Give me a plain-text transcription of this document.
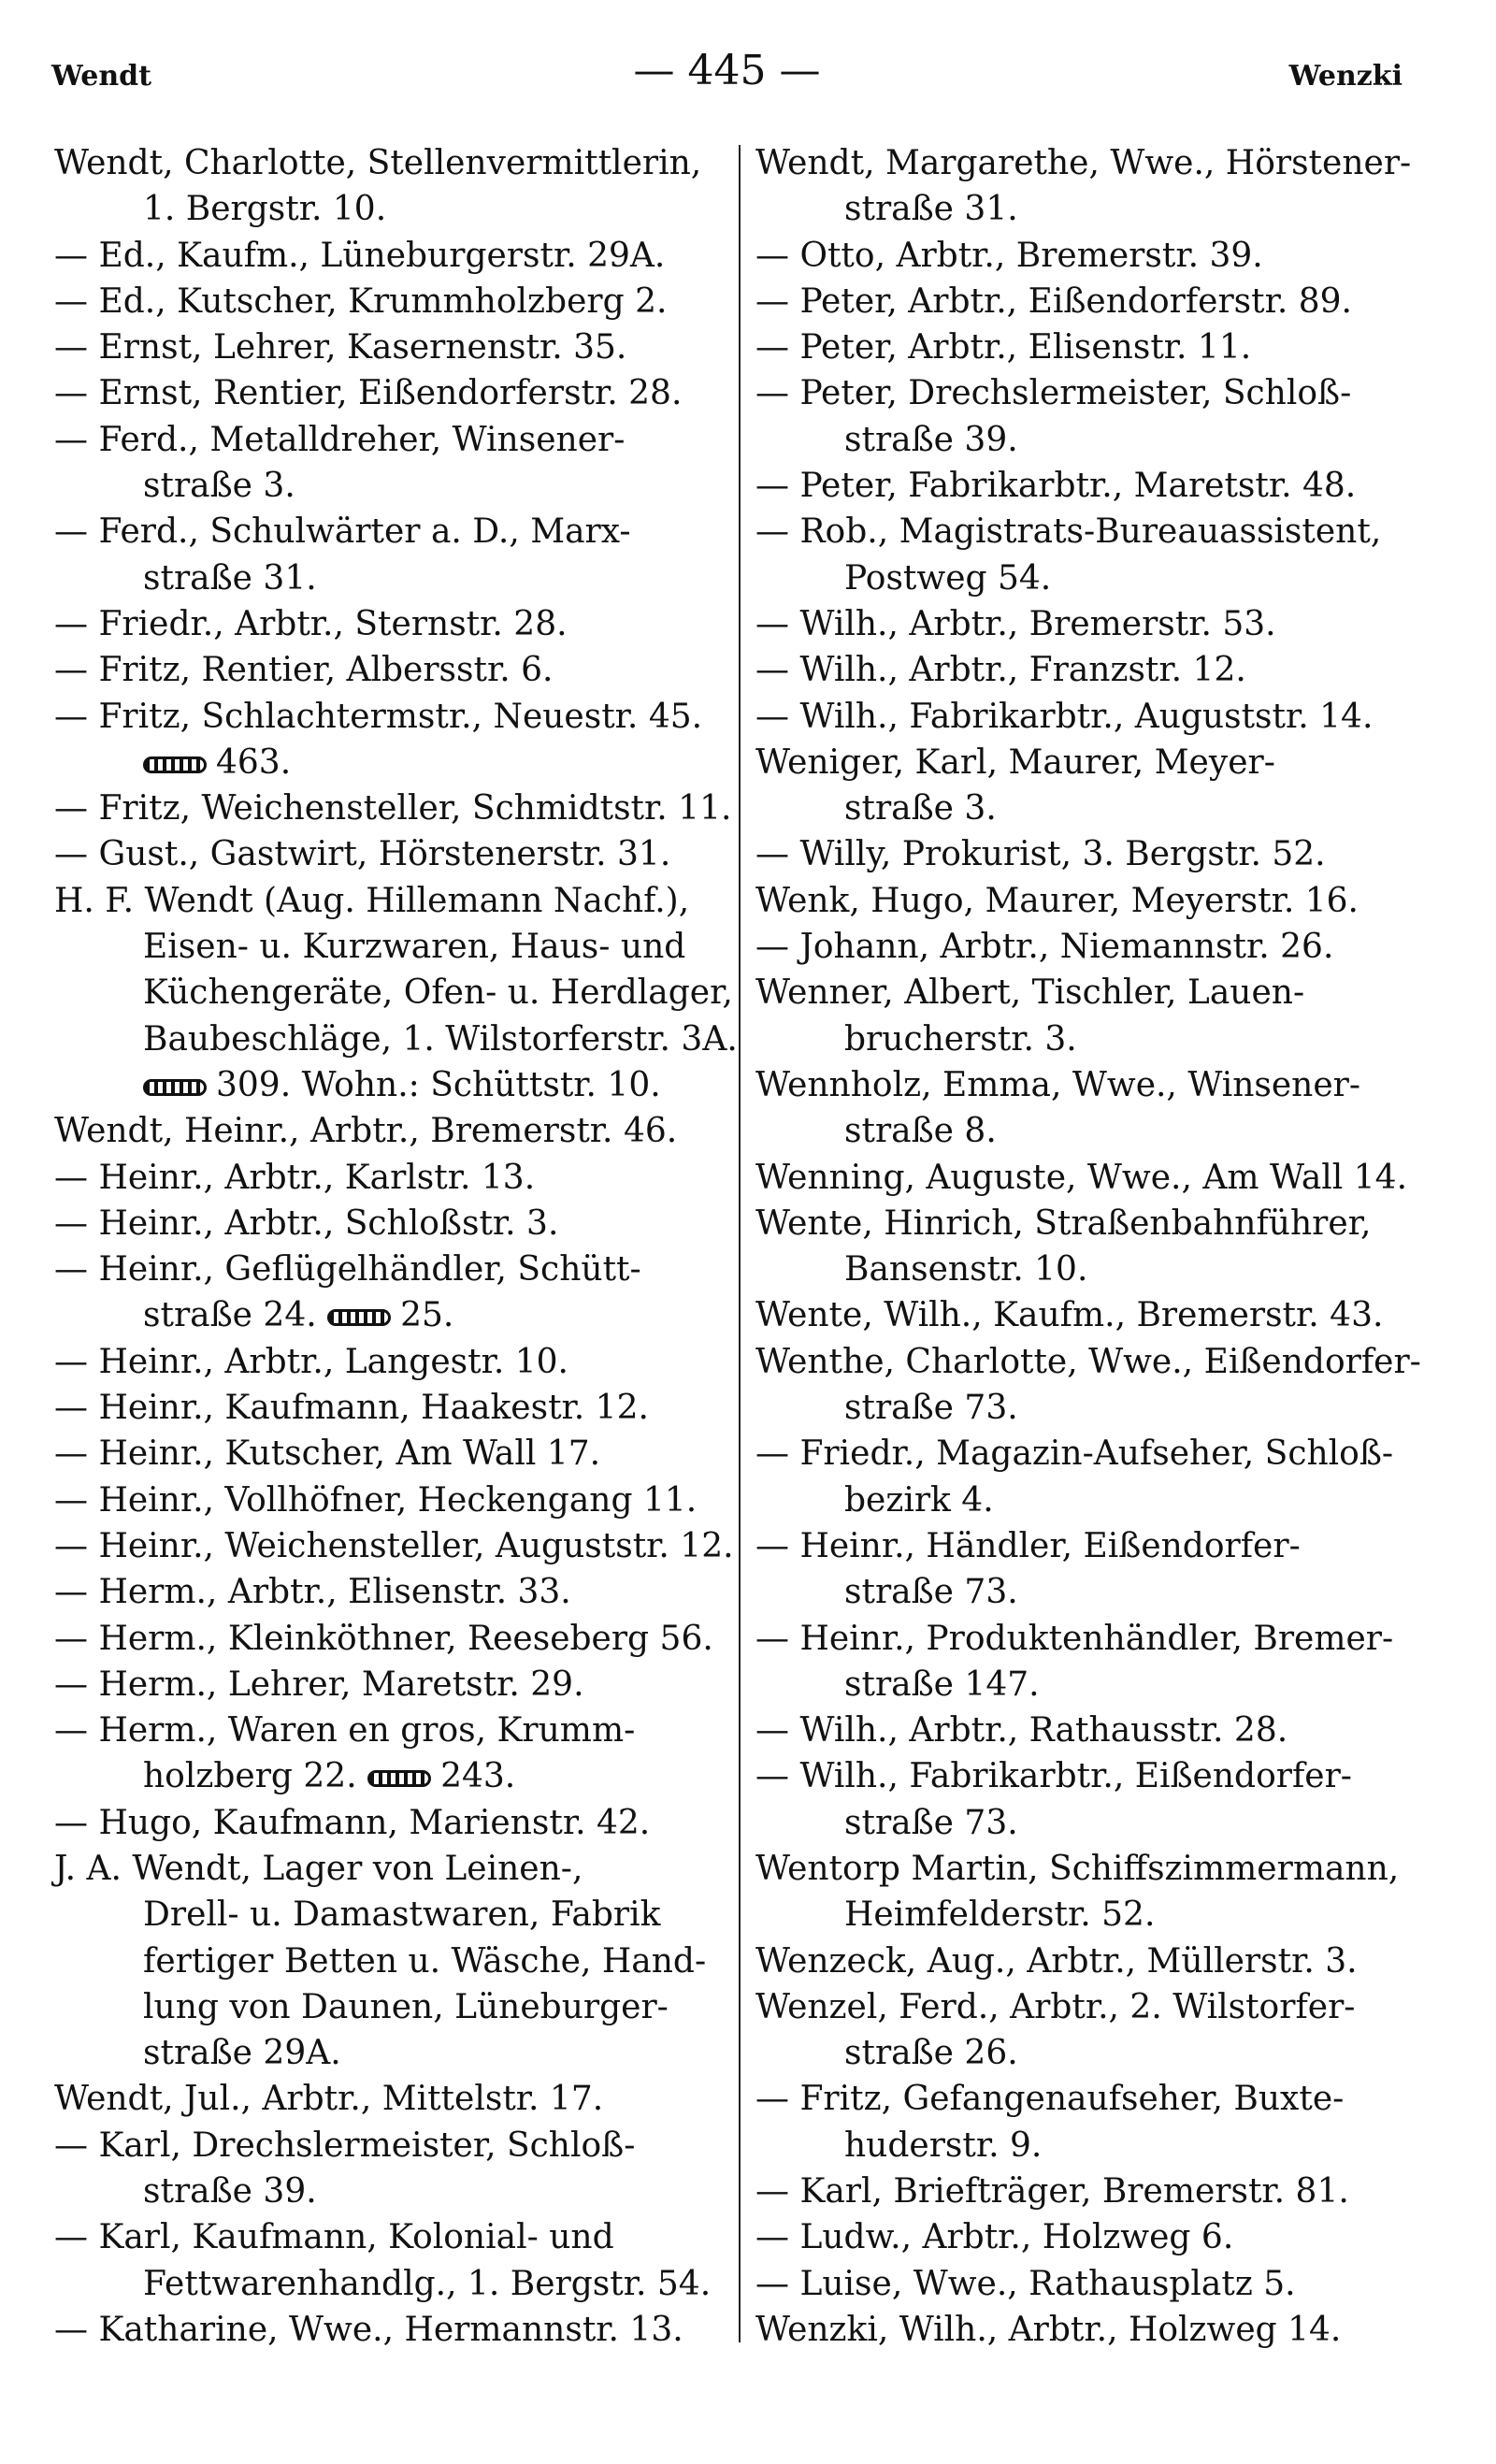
Wendt	— 445 —	Wenzki

Wendt, Charlotte, Stellenvermittlerin,

1. Bergstr. 10.

— Ed., Kaufm., Lüneburgerstr. 29A.

— Ed., Kutscher, Krummholzberg 2.

— Ernst, Lehrer, Kasernenstr. 35.

— Ernst, Rentier, Eißendorferstr. 28.

— Ferd., Metalldreher, Winsener-

straße 3.

— Ferd., Schulwärter a. D., Marx-

straße 31.

— Friedr., Arbtr., Sternstr. 28.

— Fritz, Rentier, Albersstr. 6.

— Fritz, Schlachtermstr., Neuestr. 45.

463.

— Fritz, Weichensteller, Schmidtstr. 11.

— Gust., Gastwirt, Hörstenerstr. 31.

H. F. Wendt (Aug. Hillemann Nachf.),

Eisen- u. Kurzwaren, Haus- und

Küchengeräte, Ofen- u. Herdlager,

Baubeschläge, 1. Wilstorferstr. 3A.

309. Wohn.: Schüttstr. 10.

Wendt, Heinr., Arbtr., Bremerstr. 46.

— Heinr., Arbtr., Karlstr. 13.

— Heinr., Arbtr., Schloßstr. 3.

— Heinr., Geflügelhändler, Schütt-

straße 24. 25.

— Heinr., Arbtr., Langestr. 10.

— Heinr., Kaufmann, Haakestr. 12.

— Heinr., Kutscher, Am Wall 17.

— Heinr., Vollhöfner, Heckengang 11.

— Heinr., Weichensteller, Auguststr. 12.

— Herm., Arbtr., Elisenstr. 33.

— Herm., Kleinköthner, Reeseberg 56.

— Herm., Lehrer, Maretstr. 29.

— Herm., Waren en gros, Krumm-

holzberg 22. 243.

— Hugo, Kaufmann, Marienstr. 42.

J. A. Wendt, Lager von Leinen-,

Drell- u. Damastwaren, Fabrik

fertiger Betten u. Wäsche, Hand-

lung von Daunen, Lüneburger-

straße 29A.

Wendt, Jul., Arbtr., Mittelstr. 17.

— Karl, Drechslermeister, Schloß-

straße 39.

— Karl, Kaufmann, Kolonial- und

Fettwarenhandlg., 1. Bergstr. 54.

— Katharine, Wwe., Hermannstr. 13.

Wendt, Margarethe, Wwe., Hörstener-

straße 31.

— Otto, Arbtr., Bremerstr. 39.

— Peter, Arbtr., Eißendorferstr. 89.

— Peter, Arbtr., Elisenstr. 11.

— Peter, Drechslermeister, Schloß-

straße 39.

— Peter, Fabrikarbtr., Maretstr. 48.

— Rob., Magistrats-Bureauassistent,

Postweg 54.

— Wilh., Arbtr., Bremerstr. 53.

— Wilh., Arbtr., Franzstr. 12.

— Wilh., Fabrikarbtr., Auguststr. 14.

Weniger, Karl, Maurer, Meyer-

straße 3.

— Willy, Prokurist, 3. Bergstr. 52.

Wenk, Hugo, Maurer, Meyerstr. 16.

— Johann, Arbtr., Niemannstr. 26.

Wenner, Albert, Tischler, Lauen-

brucherstr. 3.

Wennholz, Emma, Wwe., Winsener-

straße 8.

Wenning, Auguste, Wwe., Am Wall 14.

Wente, Hinrich, Straßenbahnführer,

Bansenstr. 10.

Wente, Wilh., Kaufm., Bremerstr. 43.

Wenthe, Charlotte, Wwe., Eißendorfer-

straße 73.

— Friedr., Magazin-Aufseher, Schloß-

bezirk 4.

— Heinr., Händler, Eißendorfer-

straße 73.

— Heinr., Produktenhändler, Bremer-

straße 147.

— Wilh., Arbtr., Rathausstr. 28.

— Wilh., Fabrikarbtr., Eißendorfer-

straße 73.

Wentorp Martin, Schiffszimmermann,

Heimfelderstr. 52.

Wenzeck, Aug., Arbtr., Müllerstr. 3.

Wenzel, Ferd., Arbtr., 2. Wilstorfer-

straße 26.

— Fritz, Gefangenaufseher, Buxte-

huderstr. 9.

— Karl, Briefträger, Bremerstr. 81.

— Ludw., Arbtr., Holzweg 6.

— Luise, Wwe., Rathausplatz 5.

Wenzki, Wilh., Arbtr., Holzweg 14.
